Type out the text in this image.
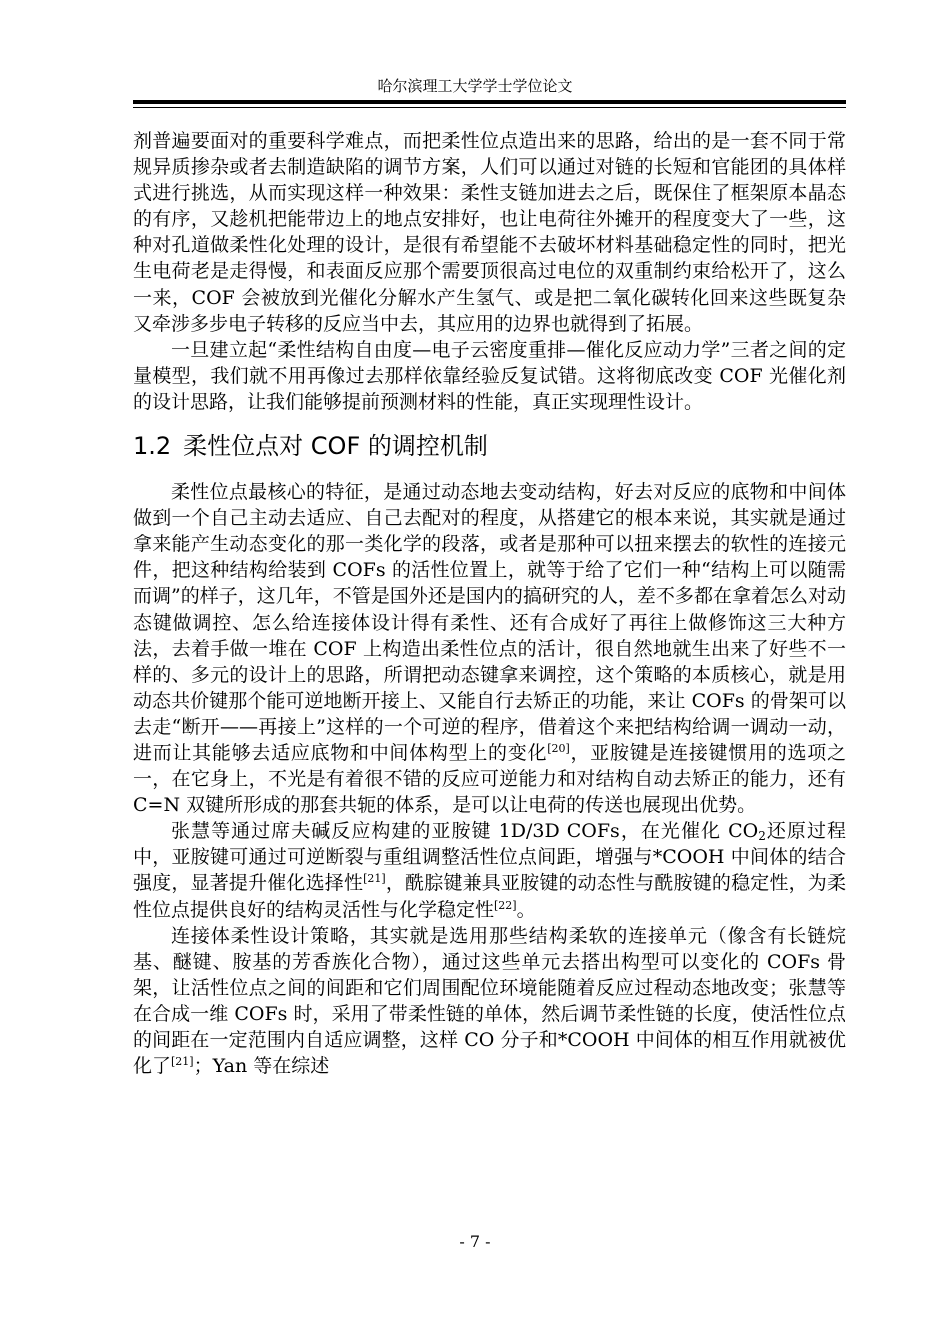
哈尔滨理工大学学士学位论文

剂普遍要面对的重要科学难点，而把柔性位点造出来的思路，给出的是一套不同于常规异质掺杂或者去制造缺陷的调节方案，人们可以通过对链的长短和官能团的具体样式进行挑选，从而实现这样一种效果：柔性支链加进去之后，既保住了框架原本晶态的有序，又趁机把能带边上的地点安排好，也让电荷往外摊开的程度变大了一些，这种对孔道做柔性化处理的设计，是很有希望能不去破坏材料基础稳定性的同时，把光生电荷老是走得慢，和表面反应那个需要顶很高过电位的双重制约束给松开了，这么一来，COF 会被放到光催化分解水产生氢气、或是把二氧化碳转化回来这些既复杂又牵涉多步电子转移的反应当中去，其应用的边界也就得到了拓展。

一旦建立起“柔性结构自由度—电子云密度重排—催化反应动力学”三者之间的定量模型，我们就不用再像过去那样依靠经验反复试错。这将彻底改变 COF 光催化剂的设计思路，让我们能够提前预测材料的性能，真正实现理性设计。

1.2 柔性位点对 COF 的调控机制

柔性位点最核心的特征，是通过动态地去变动结构，好去对反应的底物和中间体做到一个自己主动去适应、自己去配对的程度，从搭建它的根本来说，其实就是通过拿来能产生动态变化的那一类化学的段落，或者是那种可以扭来摆去的软性的连接元件，把这种结构给装到 COFs 的活性位置上，就等于给了它们一种“结构上可以随需而调”的样子，这几年，不管是国外还是国内的搞研究的人，差不多都在拿着怎么对动态键做调控、怎么给连接体设计得有柔性、还有合成好了再往上做修饰这三大种方法，去着手做一堆在 COF 上构造出柔性位点的活计，很自然地就生出来了好些不一样的、多元的设计上的思路，所谓把动态键拿来调控，这个策略的本质核心，就是用动态共价键那个能可逆地断开接上、又能自行去矫正的功能，来让 COFs 的骨架可以去走“断开——再接上”这样的一个可逆的程序，借着这个来把结构给调一调动一动，进而让其能够去适应底物和中间体构型上的变化[20]，亚胺键是连接键惯用的选项之一，在它身上，不光是有着很不错的反应可逆能力和对结构自动去矫正的能力，还有 C=N 双键所形成的那套共轭的体系，是可以让电荷的传送也展现出优势。

张慧等通过席夫碱反应构建的亚胺键 1D/3D COFs，在光催化 $CO_2$还原过程中，亚胺键可通过可逆断裂与重组调整活性位点间距，增强与*COOH 中间体的结合强度，显著提升催化选择性[21]，酰腙键兼具亚胺键的动态性与酰胺键的稳定性，为柔性位点提供良好的结构灵活性与化学稳定性[22]。

连接体柔性设计策略，其实就是选用那些结构柔软的连接单元（像含有长链烷基、醚键、胺基的芳香族化合物），通过这些单元去搭出构型可以变化的 COFs 骨架，让活性位点之间的间距和它们周围配位环境能随着反应过程动态地改变；张慧等在合成一维 COFs 时，采用了带柔性链的单体，然后调节柔性链的长度，使活性位点的间距在一定范围内自适应调整，这样 CO 分子和*COOH 中间体的相互作用就被优化了[21]；Yan 等在综述

- 7 -
